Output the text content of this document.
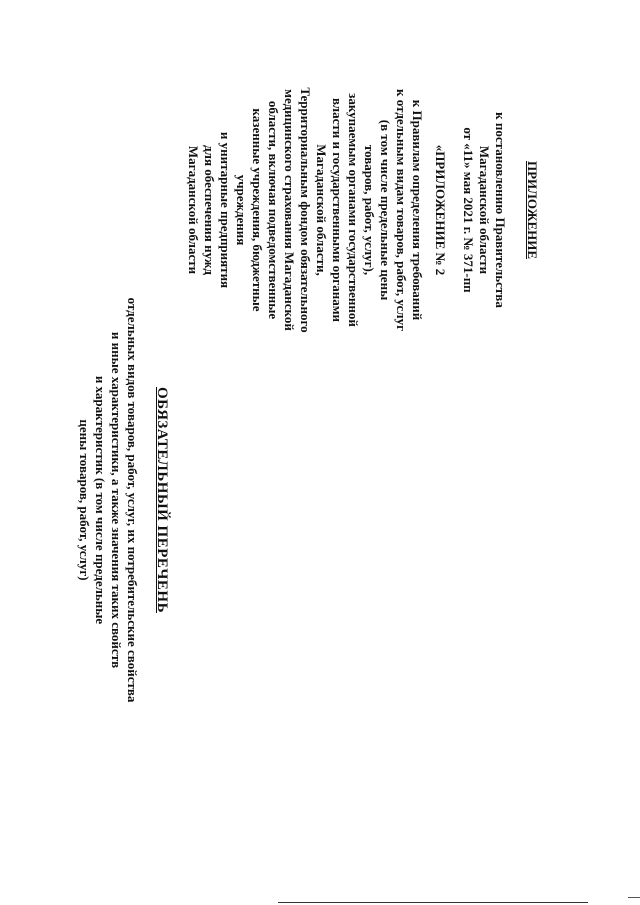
ПРИЛОЖЕНИЕ
к постановлению Правительства
Магаданской области
от «11» мая 2021 г. № 371-пп
«ПРИЛОЖЕНИЕ № 2
к Правилам определения требований
к отдельным видам товаров, работ, услуг
(в том числе предельные цены
товаров, работ, услуг),
закупаемым органами государственной
власти и государственными органами
Магаданской области,
Территориальным фондом обязательного
медицинского страхования Магаданской
области, включая подведомственные
казенные учреждения, бюджетные
учреждения
и унитарные предприятия
для обеспечения нужд
Магаданской области
ОБЯЗАТЕЛЬНЫЙ ПЕРЕЧЕНЬ
отдельных видов товаров, работ, услуг, их потребительские свойства
и иные характеристики, а также значения таких свойств
и характеристик (в том числе предельные
цены товаров, работ, услуг)
